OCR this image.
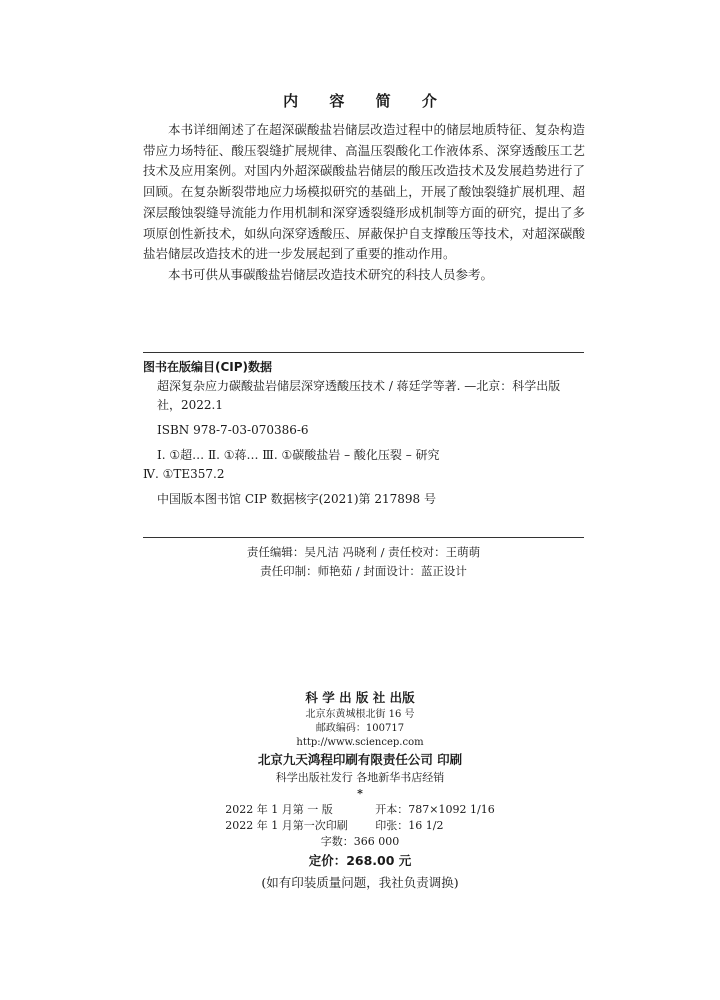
内 容 简 介

本书详细阐述了在超深碳酸盐岩储层改造过程中的储层地质特征、复杂构造带应力场特征、酸压裂缝扩展规律、高温压裂酸化工作液体系、深穿透酸压工艺技术及应用案例。对国内外超深碳酸盐岩储层的酸压改造技术及发展趋势进行了回顾。在复杂断裂带地应力场模拟研究的基础上，开展了酸蚀裂缝扩展机理、超深层酸蚀裂缝导流能力作用机制和深穿透裂缝形成机制等方面的研究，提出了多项原创性新技术，如纵向深穿透酸压、屏蔽保护自支撑酸压等技术，对超深碳酸盐岩储层改造技术的进一步发展起到了重要的推动作用。

本书可供从事碳酸盐岩储层改造技术研究的科技人员参考。

图书在版编目(CIP)数据
超深复杂应力碳酸盐岩储层深穿透酸压技术 / 蒋廷学等著. —北京：科学出版社，2022.1
ISBN 978-7-03-070386-6
Ⅰ. ①超… Ⅱ. ①蒋… Ⅲ. ①碳酸盐岩 – 酸化压裂 – 研究
Ⅳ. ①TE357.2
中国版本图书馆 CIP 数据核字(2021)第 217898 号
责任编辑：吴凡洁 冯晓利 / 责任校对：王萌萌
责任印制：师艳茹 / 封面设计：蓝正设计
科 学 出 版 社 出版
北京东黄城根北街 16 号
邮政编码：100717
http://www.sciencep.com
北京九天鸿程印刷有限责任公司 印刷
科学出版社发行 各地新华书店经销
*
2022 年 1 月第 一 版	开本：787×1092 1/16
2022 年 1 月第一次印刷	印张：16 1/2
字数：366 000
定价：268.00 元
(如有印装质量问题，我社负责调换)
